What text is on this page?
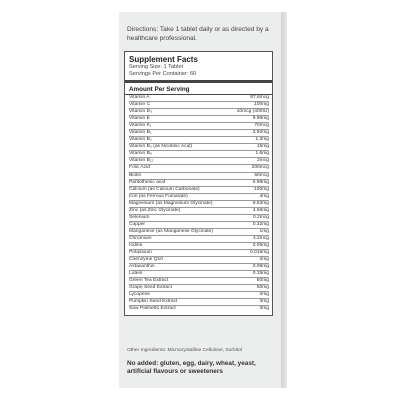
Directions: Take 1 tablet daily or as directed by a healthcare professional.
Supplement Facts
Serving Size: 1 Tablet
Servings Per Container: 60
Amount Per Serving
Vitamin A	87.8mcg
Vitamin C	100mg
Vitamin D₃	10mcg (400IU)
Vitamin E	9.96mg
Vitamin K₁	70mcg
Vitamin B₁	2.92mg
Vitamin B₂	1.3mg
Vitamin B₃ (as Nicotinic Acid)	15mg
Vitamin B₆	1.6mg
Vitamin B₁₂	2mcg
Folic Acid	200mcg
Biotin	50mcg
Pantothenic acid	5.98mg
Calcium (as Calcium Carbonate)	100mg
Iron (as Ferrous Fumarate)	4mg
Magnesium (as Magnesium Glycinate)	9.53mg
Zinc (as Zinc Glycinate)	4.56mg
Selenium	0.2mcg
Copper	0.32mg
Manganese (as Manganese Glycinate)	1mg
Chromium	4.2mcg
Iodine	0.05mg
Potassium	0.015mg
Coenzyme Q10	2mg
Astaxanthin	0.06mg
Lutein	0.15mg
Green Tea Extract	50mg
Grape Seed Extract	50mg
Lycopene	2mg
Pumpkin Seed Extract	3mg
Saw Palmetto Extract	3mg
Other Ingredients: Microcrystalline Cellulose, Sorbitol
No added: gluten, egg, dairy, wheat, yeast, artificial flavours or sweeteners
